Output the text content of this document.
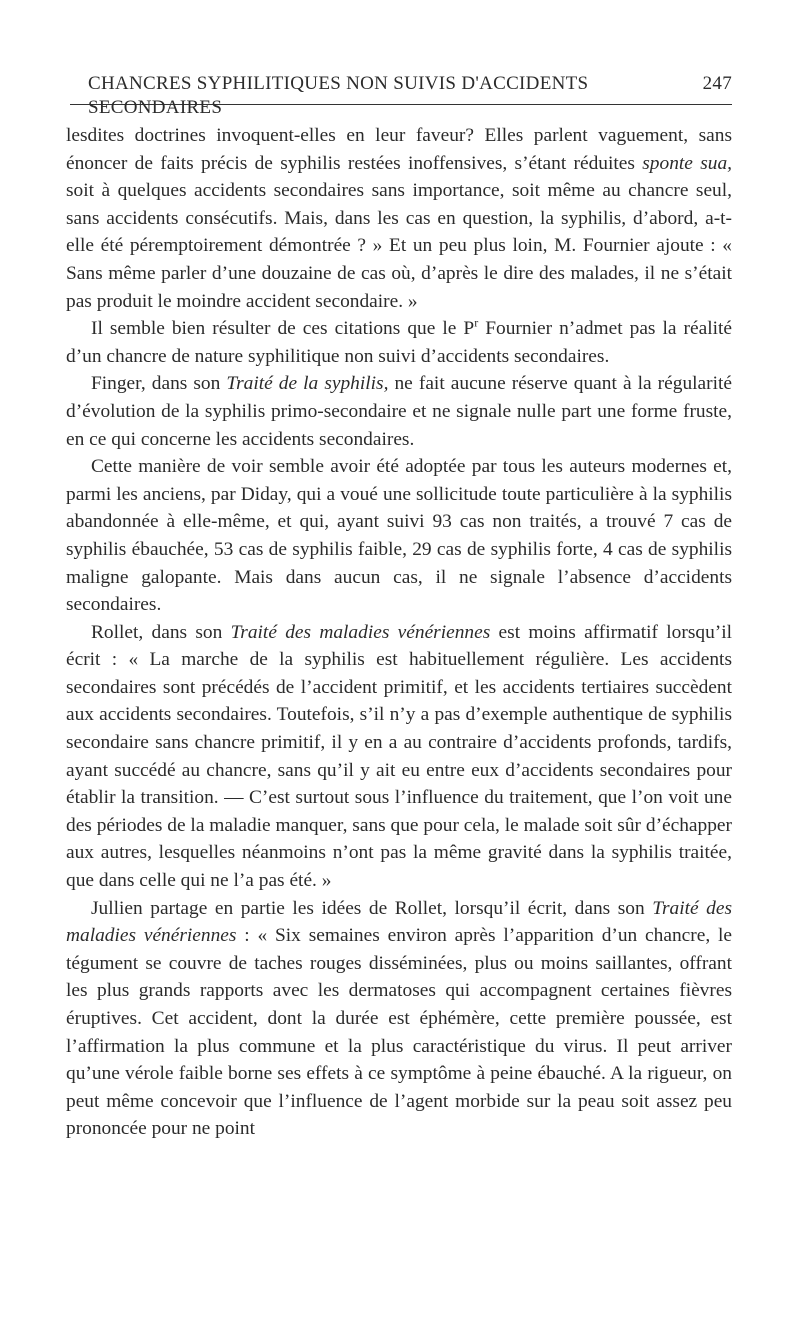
CHANCRES SYPHILITIQUES NON SUIVIS D'ACCIDENTS SECONDAIRES
247

lesdites doctrines invoquent-elles en leur faveur? Elles parlent vaguement, sans énoncer de faits précis de syphilis restées inoffensives, s’étant réduites sponte sua, soit à quelques accidents secondaires sans importance, soit même au chancre seul, sans accidents consécutifs. Mais, dans les cas en question, la syphilis, d’abord, a-t-elle été péremptoirement démontrée ? » Et un peu plus loin, M. Fournier ajoute : « Sans même parler d’une douzaine de cas où, d’après le dire des malades, il ne s’était pas produit le moindre accident secondaire. »

Il semble bien résulter de ces citations que le $P^r$ Fournier n’admet pas la réalité d’un chancre de nature syphilitique non suivi d’accidents secondaires.

Finger, dans son Traité de la syphilis, ne fait aucune réserve quant à la régularité d’évolution de la syphilis primo-secondaire et ne signale nulle part une forme fruste, en ce qui concerne les accidents secondaires.

Cette manière de voir semble avoir été adoptée par tous les auteurs modernes et, parmi les anciens, par Diday, qui a voué une sollicitude toute particulière à la syphilis abandonnée à elle-même, et qui, ayant suivi 93 cas non traités, a trouvé 7 cas de syphilis ébauchée, 53 cas de syphilis faible, 29 cas de syphilis forte, 4 cas de syphilis maligne galopante. Mais dans aucun cas, il ne signale l’absence d’accidents secondaires.

Rollet, dans son Traité des maladies vénériennes est moins affirmatif lorsqu’il écrit : « La marche de la syphilis est habituellement régulière. Les accidents secondaires sont précédés de l’accident primitif, et les accidents tertiaires succèdent aux accidents secondaires. Toutefois, s’il n’y a pas d’exemple authentique de syphilis secondaire sans chancre primitif, il y en a au contraire d’accidents profonds, tardifs, ayant succédé au chancre, sans qu’il y ait eu entre eux d’accidents secondaires pour établir la transition. — C’est surtout sous l’influence du traitement, que l’on voit une des périodes de la maladie manquer, sans que pour cela, le malade soit sûr d’échapper aux autres, lesquelles néanmoins n’ont pas la même gravité dans la syphilis traitée, que dans celle qui ne l’a pas été. »

Jullien partage en partie les idées de Rollet, lorsqu’il écrit, dans son Traité des maladies vénériennes : « Six semaines environ après l’apparition d’un chancre, le tégument se couvre de taches rouges disséminées, plus ou moins saillantes, offrant les plus grands rapports avec les dermatoses qui accompagnent certaines fièvres éruptives. Cet accident, dont la durée est éphémère, cette première poussée, est l’affirmation la plus commune et la plus caractéristique du virus. Il peut arriver qu’une vérole faible borne ses effets à ce symptôme à peine ébauché. A la rigueur, on peut même concevoir que l’influence de l’agent morbide sur la peau soit assez peu prononcée pour ne point
